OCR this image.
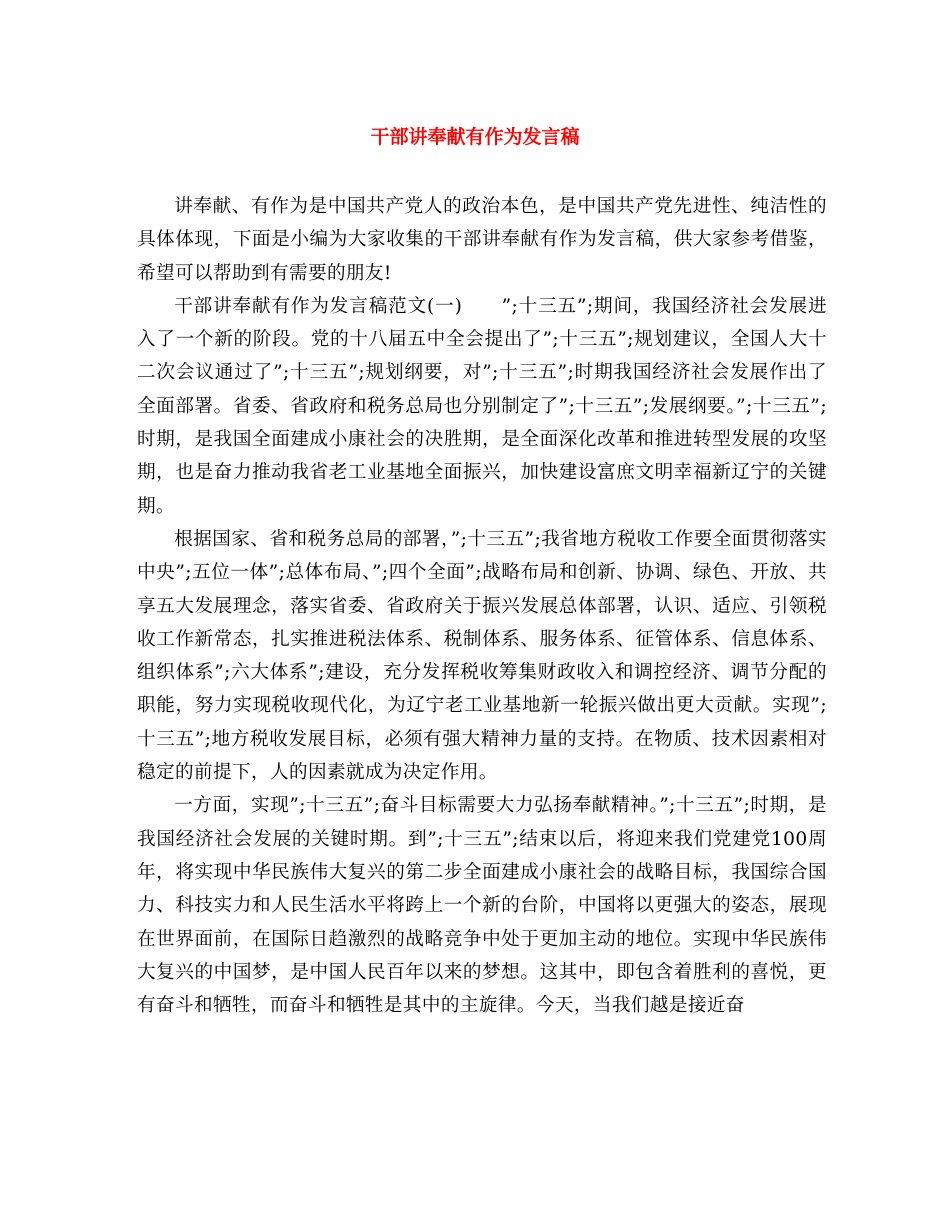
干部讲奉献有作为发言稿

讲奉献、有作为是中国共产党人的政治本色，是中国共产党先进性、纯洁性的具体体现，下面是小编为大家收集的干部讲奉献有作为发言稿，供大家参考借鉴，希望可以帮助到有需要的朋友!

干部讲奉献有作为发言稿范文(一)　　”;十三五”;期间，我国经济社会发展进入了一个新的阶段。党的十八届五中全会提出了”;十三五”;规划建议，全国人大十二次会议通过了”;十三五”;规划纲要，对”;十三五”;时期我国经济社会发展作出了全面部署。省委、省政府和税务总局也分别制定了”;十三五”;发展纲要。”;十三五”;时期，是我国全面建成小康社会的决胜期，是全面深化改革和推进转型发展的攻坚期，也是奋力推动我省老工业基地全面振兴，加快建设富庶文明幸福新辽宁的关键期。

根据国家、省和税务总局的部署，”;十三五”;我省地方税收工作要全面贯彻落实中央”;五位一体”;总体布局、”;四个全面”;战略布局和创新、协调、绿色、开放、共享五大发展理念，落实省委、省政府关于振兴发展总体部署，认识、适应、引领税收工作新常态，扎实推进税法体系、税制体系、服务体系、征管体系、信息体系、组织体系”;六大体系”;建设，充分发挥税收筹集财政收入和调控经济、调节分配的职能，努力实现税收现代化，为辽宁老工业基地新一轮振兴做出更大贡献。实现”;十三五”;地方税收发展目标，必须有强大精神力量的支持。在物质、技术因素相对稳定的前提下，人的因素就成为决定作用。

一方面，实现”;十三五”;奋斗目标需要大力弘扬奉献精神。”;十三五”;时期，是我国经济社会发展的关键时期。到”;十三五”;结束以后，将迎来我们党建党100周年，将实现中华民族伟大复兴的第二步全面建成小康社会的战略目标，我国综合国力、科技实力和人民生活水平将跨上一个新的台阶，中国将以更强大的姿态，展现在世界面前，在国际日趋激烈的战略竞争中处于更加主动的地位。实现中华民族伟大复兴的中国梦，是中国人民百年以来的梦想。这其中，即包含着胜利的喜悦，更有奋斗和牺牲，而奋斗和牺牲是其中的主旋律。今天，当我们越是接近奋
